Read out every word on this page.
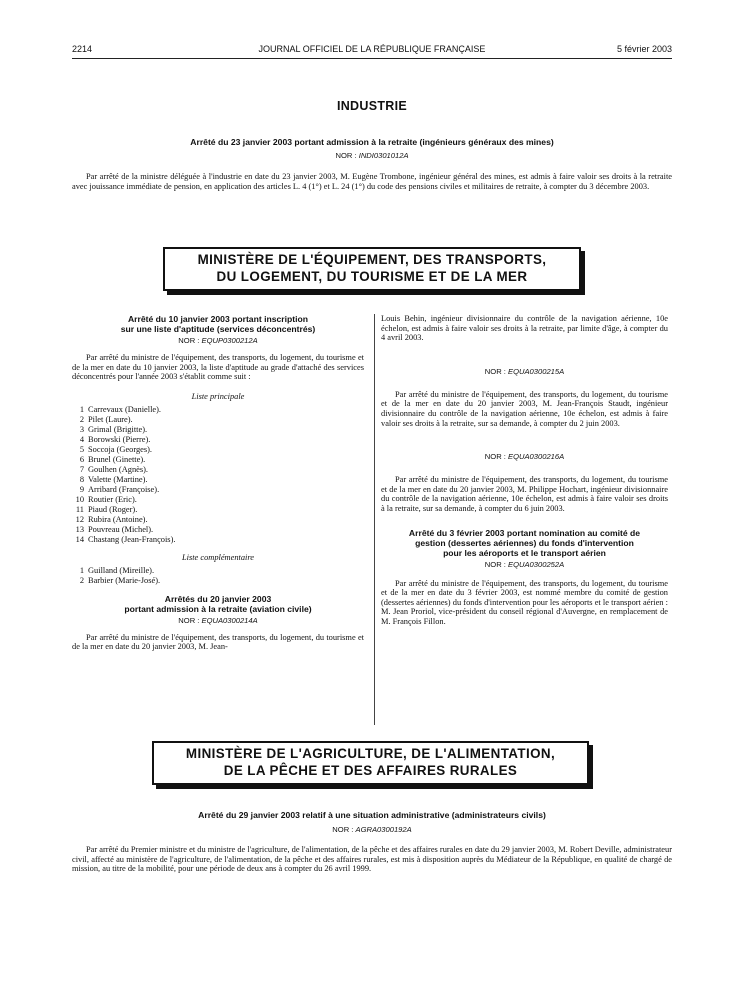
2214	JOURNAL OFFICIEL DE LA RÉPUBLIQUE FRANÇAISE	5 février 2003
INDUSTRIE
Arrêté du 23 janvier 2003 portant admission à la retraite (ingénieurs généraux des mines)
NOR : INDI0301012A

Par arrêté de la ministre déléguée à l'industrie en date du 23 janvier 2003, M. Eugène Trombone, ingénieur général des mines, est admis à faire valoir ses droits à la retraite avec jouissance immédiate de pension, en application des articles L. 4 (1°) et L. 24 (1°) du code des pensions civiles et militaires de retraite, à compter du 3 décembre 2003.

MINISTÈRE DE L'ÉQUIPEMENT, DES TRANSPORTS,
DU LOGEMENT, DU TOURISME ET DE LA MER
Arrêté du 10 janvier 2003 portant inscription
sur une liste d'aptitude (services déconcentrés)
NOR : EQUP0300212A

Par arrêté du ministre de l'équipement, des transports, du logement, du tourisme et de la mer en date du 10 janvier 2003, la liste d'aptitude au grade d'attaché des services déconcentrés pour l'année 2003 s'établit comme suit :

Liste principale
1 Carrevaux (Danielle).
2 Pilet (Laure).
3 Grimal (Brigitte).
4 Borowski (Pierre).
5 Soccoja (Georges).
6 Brunel (Ginette).
7 Goulhen (Agnès).
8 Valette (Martine).
9 Arribard (Françoise).
10 Routier (Eric).
11 Piaud (Roger).
12 Rubira (Antoine).
13 Pouvreau (Michel).
14 Chastang (Jean-François).
Liste complémentaire
1 Guilland (Mireille).
2 Barbier (Marie-José).
Arrêtés du 20 janvier 2003
portant admission à la retraite (aviation civile)
NOR : EQUA0300214A

Par arrêté du ministre de l'équipement, des transports, du logement, du tourisme et de la mer en date du 20 janvier 2003, M. Jean-

Louis Behin, ingénieur divisionnaire du contrôle de la navigation aérienne, 10e échelon, est admis à faire valoir ses droits à la retraite, par limite d'âge, à compter du 4 avril 2003.

NOR : EQUA0300215A

Par arrêté du ministre de l'équipement, des transports, du logement, du tourisme et de la mer en date du 20 janvier 2003, M. Jean-François Staudt, ingénieur divisionnaire du contrôle de la navigation aérienne, 10e échelon, est admis à faire valoir ses droits à la retraite, sur sa demande, à compter du 2 juin 2003.

NOR : EQUA0300216A

Par arrêté du ministre de l'équipement, des transports, du logement, du tourisme et de la mer en date du 20 janvier 2003, M. Philippe Hochart, ingénieur divisionnaire du contrôle de la navigation aérienne, 10e échelon, est admis à faire valoir ses droits à la retraite, sur sa demande, à compter du 6 juin 2003.

Arrêté du 3 février 2003 portant nomination au comité de
gestion (dessertes aériennes) du fonds d'intervention
pour les aéroports et le transport aérien
NOR : EQUA0300252A

Par arrêté du ministre de l'équipement, des transports, du logement, du tourisme et de la mer en date du 3 février 2003, est nommé membre du comité de gestion (dessertes aériennes) du fonds d'intervention pour les aéroports et le transport aérien : M. Jean Proriol, vice-président du conseil régional d'Auvergne, en remplacement de M. François Fillon.

MINISTÈRE DE L'AGRICULTURE, DE L'ALIMENTATION,
DE LA PÊCHE ET DES AFFAIRES RURALES
Arrêté du 29 janvier 2003 relatif à une situation administrative (administrateurs civils)
NOR : AGRA0300192A

Par arrêté du Premier ministre et du ministre de l'agriculture, de l'alimentation, de la pêche et des affaires rurales en date du 29 janvier 2003, M. Robert Deville, administrateur civil, affecté au ministère de l'agriculture, de l'alimentation, de la pêche et des affaires rurales, est mis à disposition auprès du Médiateur de la République, en qualité de chargé de mission, au titre de la mobilité, pour une période de deux ans à compter du 26 avril 1999.
